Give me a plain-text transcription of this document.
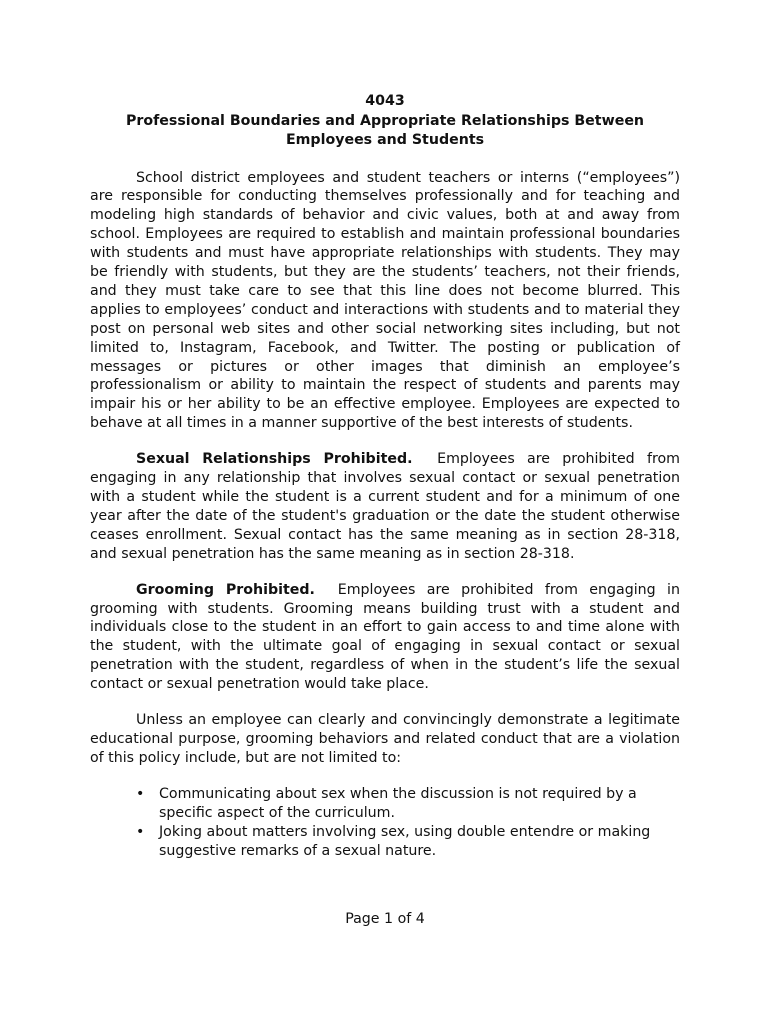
4043
Professional Boundaries and Appropriate Relationships Between
Employees and Students

School district employees and student teachers or interns (“employees”) are responsible for conducting themselves professionally and for teaching and modeling high standards of behavior and civic values, both at and away from school. Employees are required to establish and maintain professional boundaries with students and must have appropriate relationships with students. They may be friendly with students, but they are the students’ teachers, not their friends, and they must take care to see that this line does not become blurred. This applies to employees’ conduct and interactions with students and to material they post on personal web sites and other social networking sites including, but not limited to, Instagram, Facebook, and Twitter. The posting or publication of messages or pictures or other images that diminish an employee’s professionalism or ability to maintain the respect of students and parents may impair his or her ability to be an effective employee. Employees are expected to behave at all times in a manner supportive of the best interests of students.

Sexual Relationships Prohibited. Employees are prohibited from engaging in any relationship that involves sexual contact or sexual penetration with a student while the student is a current student and for a minimum of one year after the date of the student's graduation or the date the student otherwise ceases enrollment. Sexual contact has the same meaning as in section 28-318, and sexual penetration has the same meaning as in section 28-318.

Grooming Prohibited. Employees are prohibited from engaging in grooming with students. Grooming means building trust with a student and individuals close to the student in an effort to gain access to and time alone with the student, with the ultimate goal of engaging in sexual contact or sexual penetration with the student, regardless of when in the student’s life the sexual contact or sexual penetration would take place.

Unless an employee can clearly and convincingly demonstrate a legitimate educational purpose, grooming behaviors and related conduct that are a violation of this policy include, but are not limited to:

• Communicating about sex when the discussion is not required by a specific aspect of the curriculum.
• Joking about matters involving sex, using double entendre or making suggestive remarks of a sexual nature.
Page 1 of 4
